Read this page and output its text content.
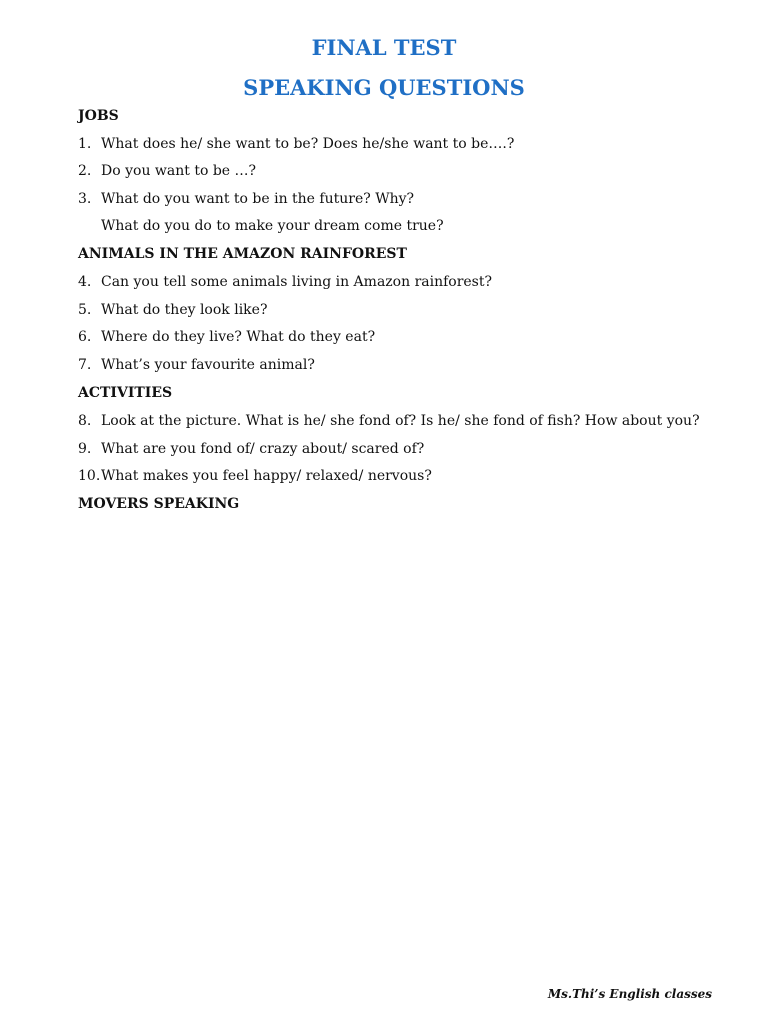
FINAL TEST
SPEAKING QUESTIONS
JOBS
1. What does he/ she want to be? Does he/she want to be….?
2. Do you want to be …?
3. What do you want to be in the future? Why?
What do you do to make your dream come true?
ANIMALS IN THE AMAZON RAINFOREST
4. Can you tell some animals living in Amazon rainforest?
5. What do they look like?
6. Where do they live? What do they eat?
7. What’s your favourite animal?
ACTIVITIES
8. Look at the picture. What is he/ she fond of? Is he/ she fond of fish? How about you?
9. What are you fond of/ crazy about/ scared of?
10.What makes you feel happy/ relaxed/ nervous?
MOVERS SPEAKING
Ms.Thi’s English classes
